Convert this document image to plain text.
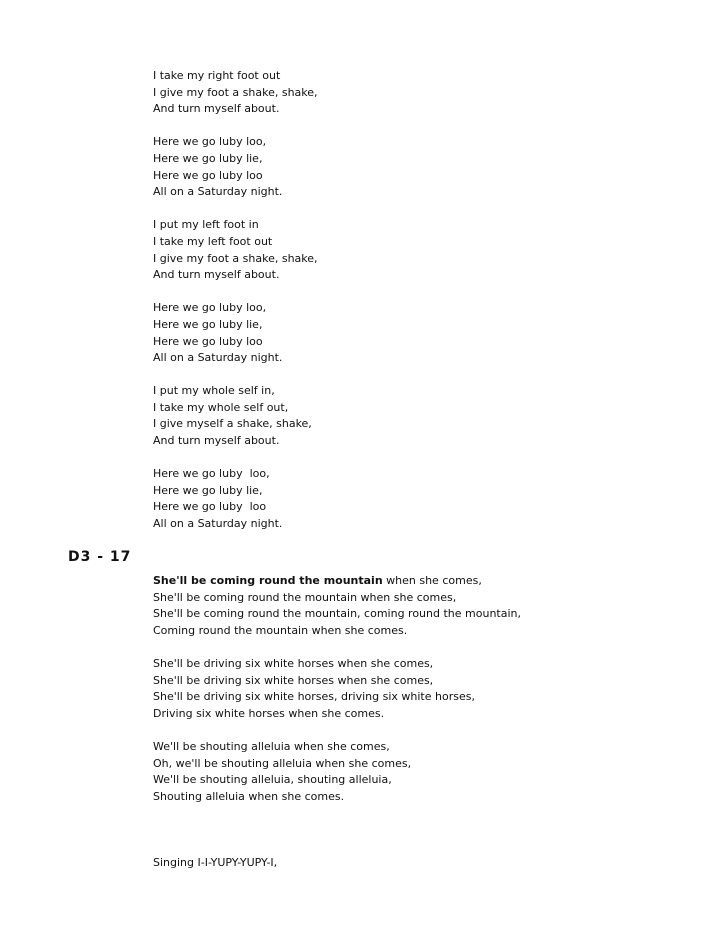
I take my right foot out
I give my foot a shake, shake,
And turn myself about.
Here we go luby loo,
Here we go luby lie,
Here we go luby loo
All on a Saturday night.
I put my left foot in
I take my left foot out
I give my foot a shake, shake,
And turn myself about.
Here we go luby loo,
Here we go luby lie,
Here we go luby loo
All on a Saturday night.
I put my whole self in,
I take my whole self out,
I give myself a shake, shake,
And turn myself about.
Here we go luby  loo,
Here we go luby lie,
Here we go luby  loo
All on a Saturday night.
D3 - 17
She'll be coming round the mountain when she comes,
She'll be coming round the mountain when she comes,
She'll be coming round the mountain, coming round the mountain,
Coming round the mountain when she comes.
She'll be driving six white horses when she comes,
She'll be driving six white horses when she comes,
She'll be driving six white horses, driving six white horses,
Driving six white horses when she comes.
We'll be shouting alleluia when she comes,
Oh, we'll be shouting alleluia when she comes,
We'll be shouting alleluia, shouting alleluia,
Shouting alleluia when she comes.
Singing I-I-YUPY-YUPY-I,
